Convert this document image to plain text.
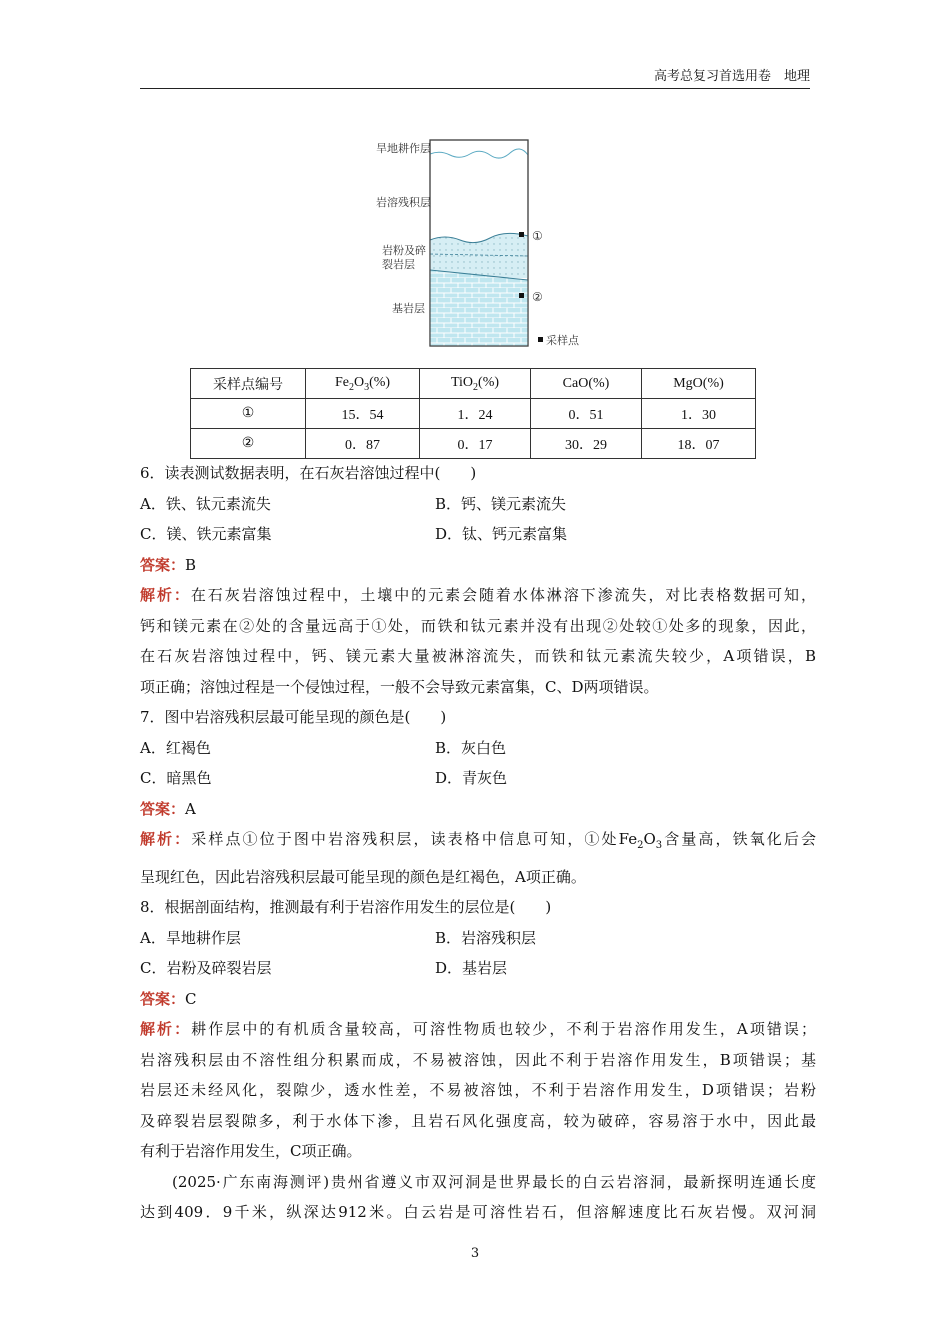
高考总复习首选用卷　地理
旱地耕作层
岩溶残积层
岩粉及碎
裂岩层
基岩层
①
②
采样点
采样点编号	$Fe_2O_3(\%)$	TiO$_2$(%)	CaO(%)	MgO(%)
①	15．54	1．24	0．51	1．30
②	0．87	0．17	30．29	18．07
6．读表测试数据表明，在石灰岩溶蚀过程中(　　)
A．铁、钛元素流失	B．钙、镁元素流失
C．镁、铁元素富集	D．钛、钙元素富集
答案：B
解析：在石灰岩溶蚀过程中，土壤中的元素会随着水体淋溶下渗流失，对比表格数据可知，
钙和镁元素在②处的含量远高于①处，而铁和钛元素并没有出现②处较①处多的现象，因此，
在石灰岩溶蚀过程中，钙、镁元素大量被淋溶流失，而铁和钛元素流失较少，A项错误，B
项正确；溶蚀过程是一个侵蚀过程，一般不会导致元素富集，C、D两项错误。
7．图中岩溶残积层最可能呈现的颜色是(　　)
A．红褐色	B．灰白色
C．暗黑色	D．青灰色
答案：A
解析：采样点①位于图中岩溶残积层，读表格中信息可知，①处$Fe_2O_3$含量高，铁氧化后会
呈现红色，因此岩溶残积层最可能呈现的颜色是红褐色，A项正确。
8．根据剖面结构，推测最有利于岩溶作用发生的层位是(　　)
A．旱地耕作层	B．岩溶残积层
C．岩粉及碎裂岩层	D．基岩层
答案：C
解析：耕作层中的有机质含量较高，可溶性物质也较少，不利于岩溶作用发生，A项错误；
岩溶残积层由不溶性组分积累而成，不易被溶蚀，因此不利于岩溶作用发生，B项错误；基
岩层还未经风化，裂隙少，透水性差，不易被溶蚀，不利于岩溶作用发生，D项错误；岩粉
及碎裂岩层裂隙多，利于水体下渗，且岩石风化强度高，较为破碎，容易溶于水中，因此最
有利于岩溶作用发生，C项正确。
(2025·广东南海测评)贵州省遵义市双河洞是世界最长的白云岩溶洞，最新探明连通长度
达到409．9千米，纵深达912米。白云岩是可溶性岩石，但溶解速度比石灰岩慢。双河洞
3
